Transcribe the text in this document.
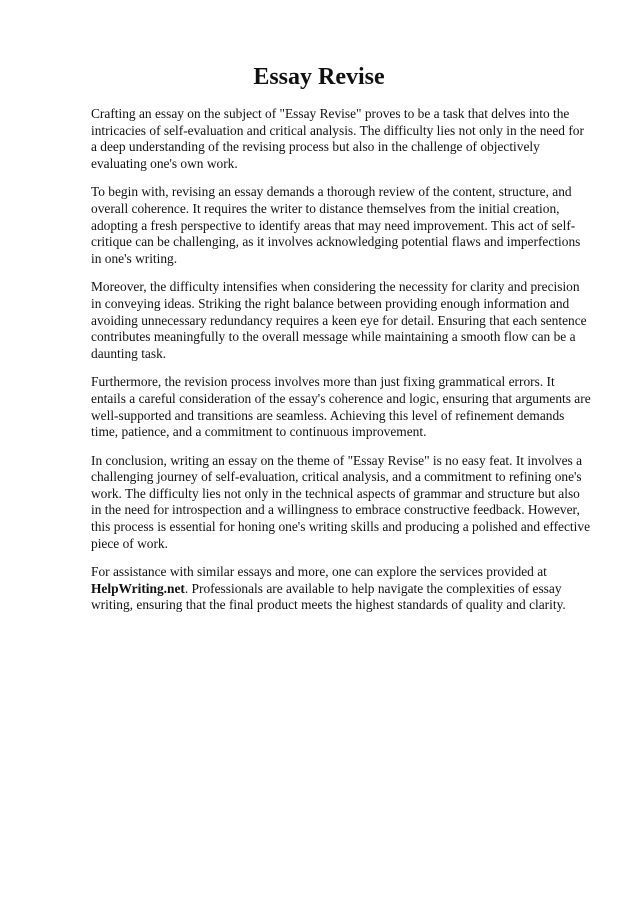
Essay Revise

Crafting an essay on the subject of "Essay Revise" proves to be a task that delves into the intricacies of self-evaluation and critical analysis. The difficulty lies not only in the need for a deep understanding of the revising process but also in the challenge of objectively evaluating one's own work.

To begin with, revising an essay demands a thorough review of the content, structure, and overall coherence. It requires the writer to distance themselves from the initial creation, adopting a fresh perspective to identify areas that may need improvement. This act of self-critique can be challenging, as it involves acknowledging potential flaws and imperfections in one's writing.

Moreover, the difficulty intensifies when considering the necessity for clarity and precision in conveying ideas. Striking the right balance between providing enough information and avoiding unnecessary redundancy requires a keen eye for detail. Ensuring that each sentence contributes meaningfully to the overall message while maintaining a smooth flow can be a daunting task.

Furthermore, the revision process involves more than just fixing grammatical errors. It entails a careful consideration of the essay's coherence and logic, ensuring that arguments are well-supported and transitions are seamless. Achieving this level of refinement demands time, patience, and a commitment to continuous improvement.

In conclusion, writing an essay on the theme of "Essay Revise" is no easy feat. It involves a challenging journey of self-evaluation, critical analysis, and a commitment to refining one's work. The difficulty lies not only in the technical aspects of grammar and structure but also in the need for introspection and a willingness to embrace constructive feedback. However, this process is essential for honing one's writing skills and producing a polished and effective piece of work.

For assistance with similar essays and more, one can explore the services provided at HelpWriting.net. Professionals are available to help navigate the complexities of essay writing, ensuring that the final product meets the highest standards of quality and clarity.
